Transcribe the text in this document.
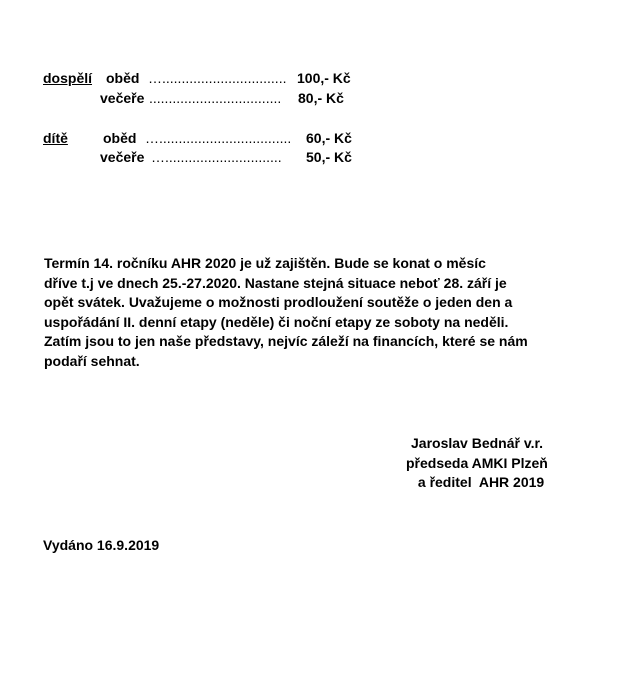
dospělí oběd …................................ 100,- Kč
večeře .................................. 80,- Kč
dítě	oběd ….................................. 60,- Kč
večeře ….............................. 50,- Kč
Termín 14. ročníku AHR 2020 je už zajištěn. Bude se konat o měsíc
dříve t.j ve dnech 25.-27.2020. Nastane stejná situace neboť 28. září je
opět svátek. Uvažujeme o možnosti prodloužení soutěže o jeden den a
uspořádání II. denní etapy (neděle) či noční etapy ze soboty na neděli.
Zatím jsou to jen naše představy, nejvíc záleží na financích, které se nám
podaří sehnat.
Jaroslav Bednář v.r.
předseda AMKI Plzeň
a ředitel  AHR 2019
Vydáno 16.9.2019
